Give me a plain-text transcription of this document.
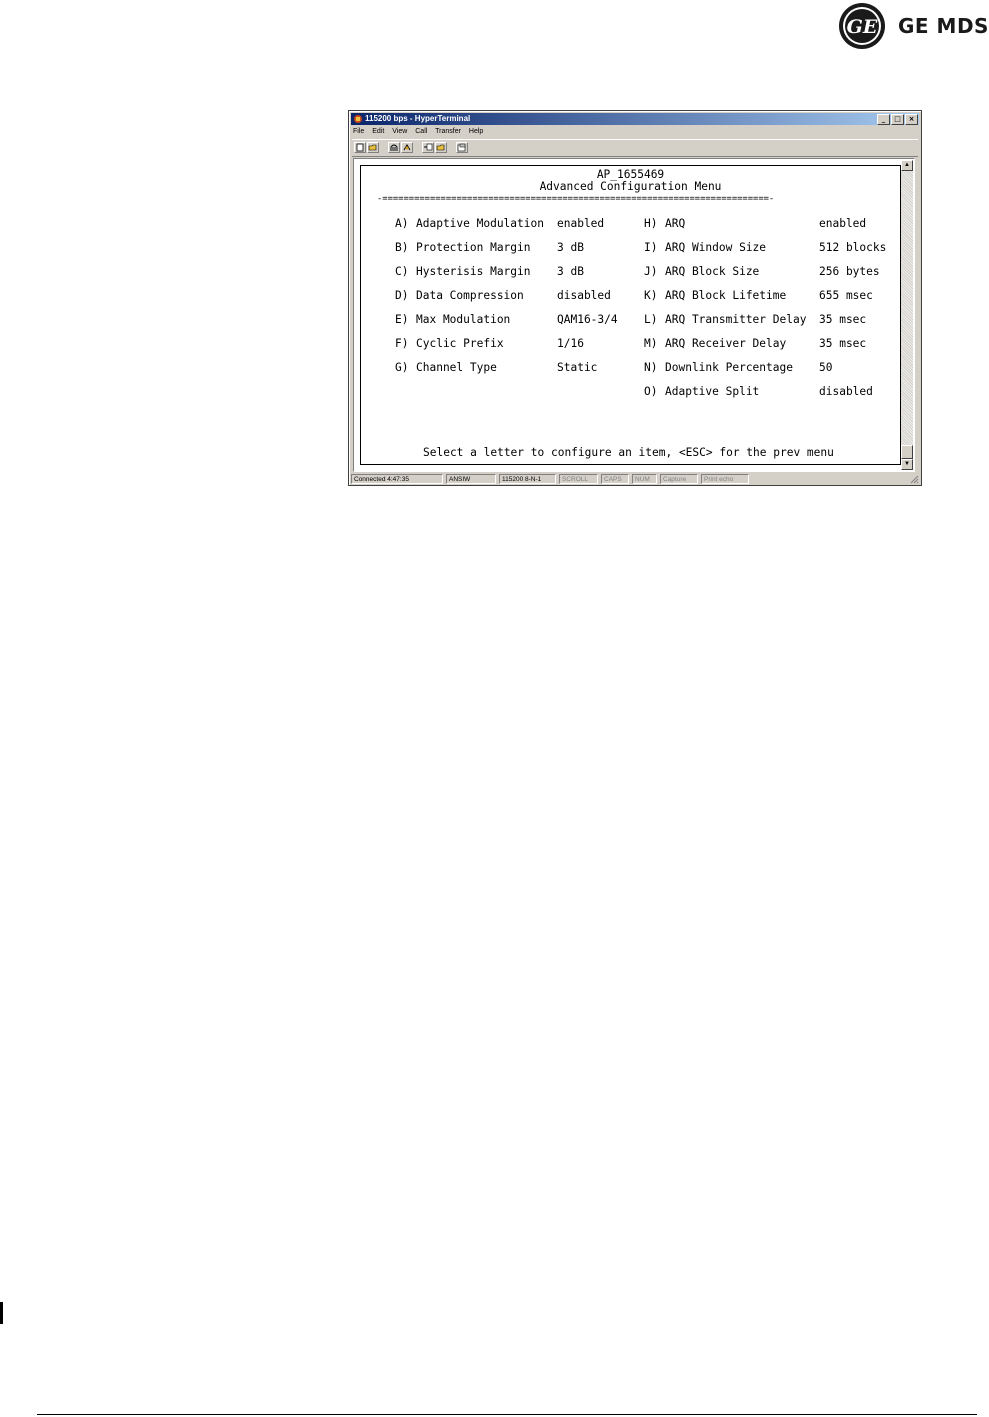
GE GE MDS
115200 bps - HyperTerminal	_ □ ×
File Edit View Call Transfer Help
AP_1655469
Advanced Configuration Menu
-=========================================================================-
A) Adaptive Modulation enabled
B) Protection Margin 3 dB
C) Hysterisis Margin 3 dB
D) Data Compression	disabled
E) Max Modulation	QAM16-3/4
F) Cyclic Prefix	1/16
G) Channel Type	Static
H) ARQ	enabled
I) ARQ Window Size	512 blocks
J) ARQ Block Size	256 bytes
K) ARQ Block Lifetime	655 msec
L) ARQ Transmitter Delay 35 msec
M) ARQ Receiver Delay	35 msec
N) Downlink Percentage 50
O) Adaptive Split	disabled
Select a letter to configure an item, <ESC> for the prev menu
▲
▼
Connected 4:47:35	ANSIW	115200 8-N-1	SCROLL	CAPS	NUM	Capture	Print echo
